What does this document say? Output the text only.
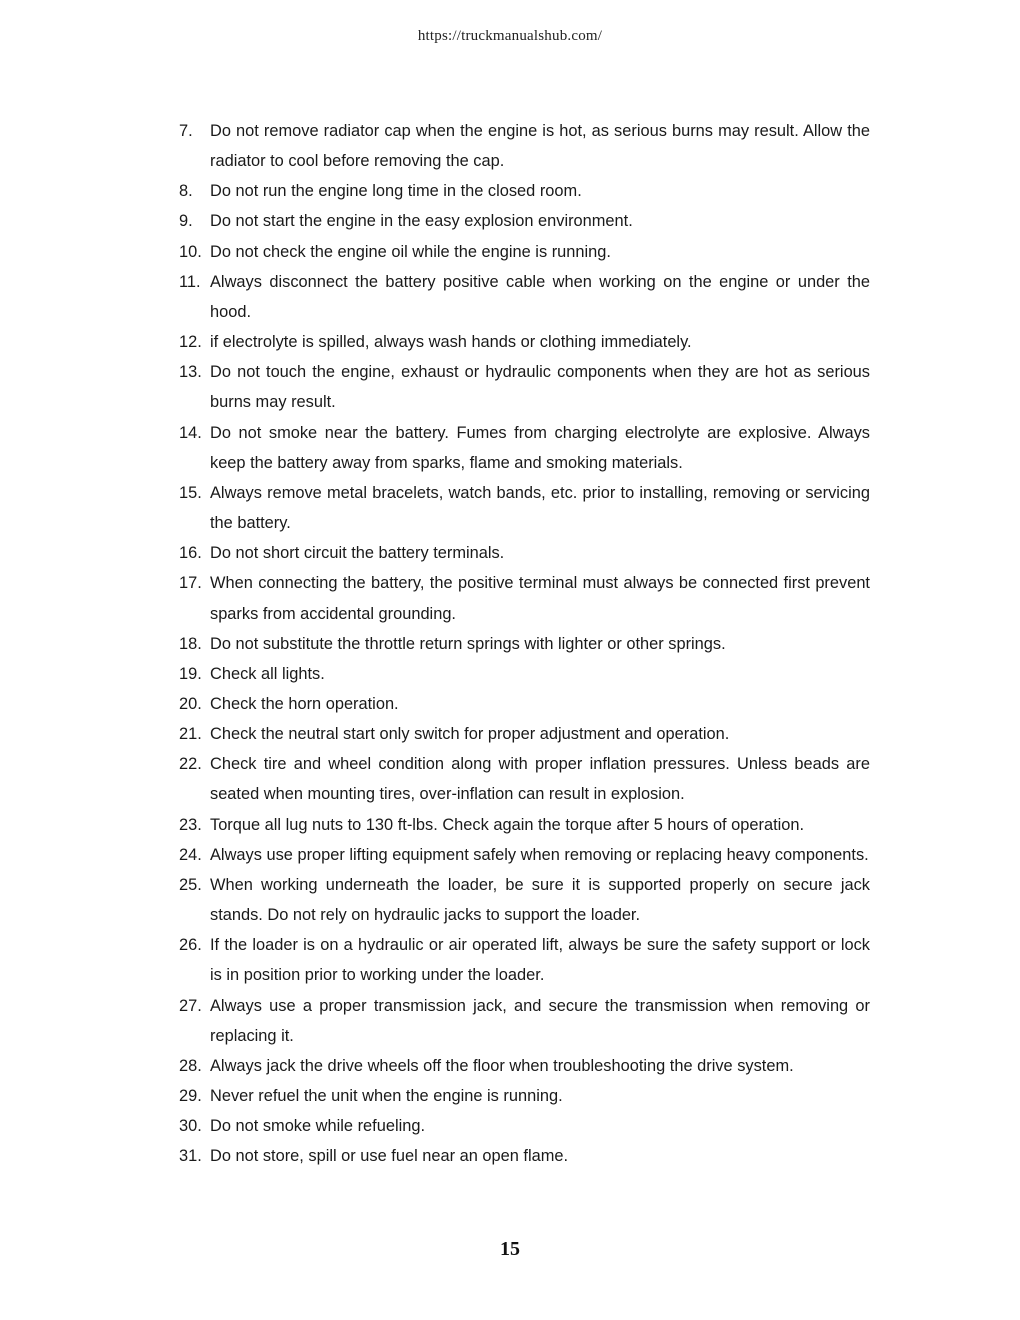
https://truckmanualshub.com/
7.	Do not remove radiator cap when the engine is hot, as serious burns may result. Allow the radiator to cool before removing the cap.
8.	Do not run the engine long time in the closed room.
9.	Do not start the engine in the easy explosion environment.
10. Do not check the engine oil while the engine is running.
11. Always disconnect the battery positive cable when working on the engine or under the hood.
12. if electrolyte is spilled, always wash hands or clothing immediately.
13. Do not touch the engine, exhaust or hydraulic components when they are hot as serious burns may result.
14. Do not smoke near the battery. Fumes from charging electrolyte are explosive. Always keep the battery away from sparks, flame and smoking materials.
15. Always remove metal bracelets, watch bands, etc. prior to installing, removing or servicing the battery.
16. Do not short circuit the battery terminals.
17. When connecting the battery, the positive terminal must always be connected first prevent sparks from accidental grounding.
18. Do not substitute the throttle return springs with lighter or other springs.
19. Check all lights.
20. Check the horn operation.
21. Check the neutral start only switch for proper adjustment and operation.
22. Check tire and wheel condition along with proper inflation pressures. Unless beads are seated when mounting tires, over-inflation can result in explosion.
23. Torque all lug nuts to 130 ft-lbs. Check again the torque after 5 hours of operation.
24. Always use proper lifting equipment safely when removing or replacing heavy components.
25. When working underneath the loader, be sure it is supported properly on secure jack stands. Do not rely on hydraulic jacks to support the loader.
26. If the loader is on a hydraulic or air operated lift, always be sure the safety support or lock is in position prior to working under the loader.
27. Always use a proper transmission jack, and secure the transmission when removing or replacing it.
28. Always jack the drive wheels off the floor when troubleshooting the drive system.
29. Never refuel the unit when the engine is running.
30. Do not smoke while refueling.
31. Do not store, spill or use fuel near an open flame.
15
